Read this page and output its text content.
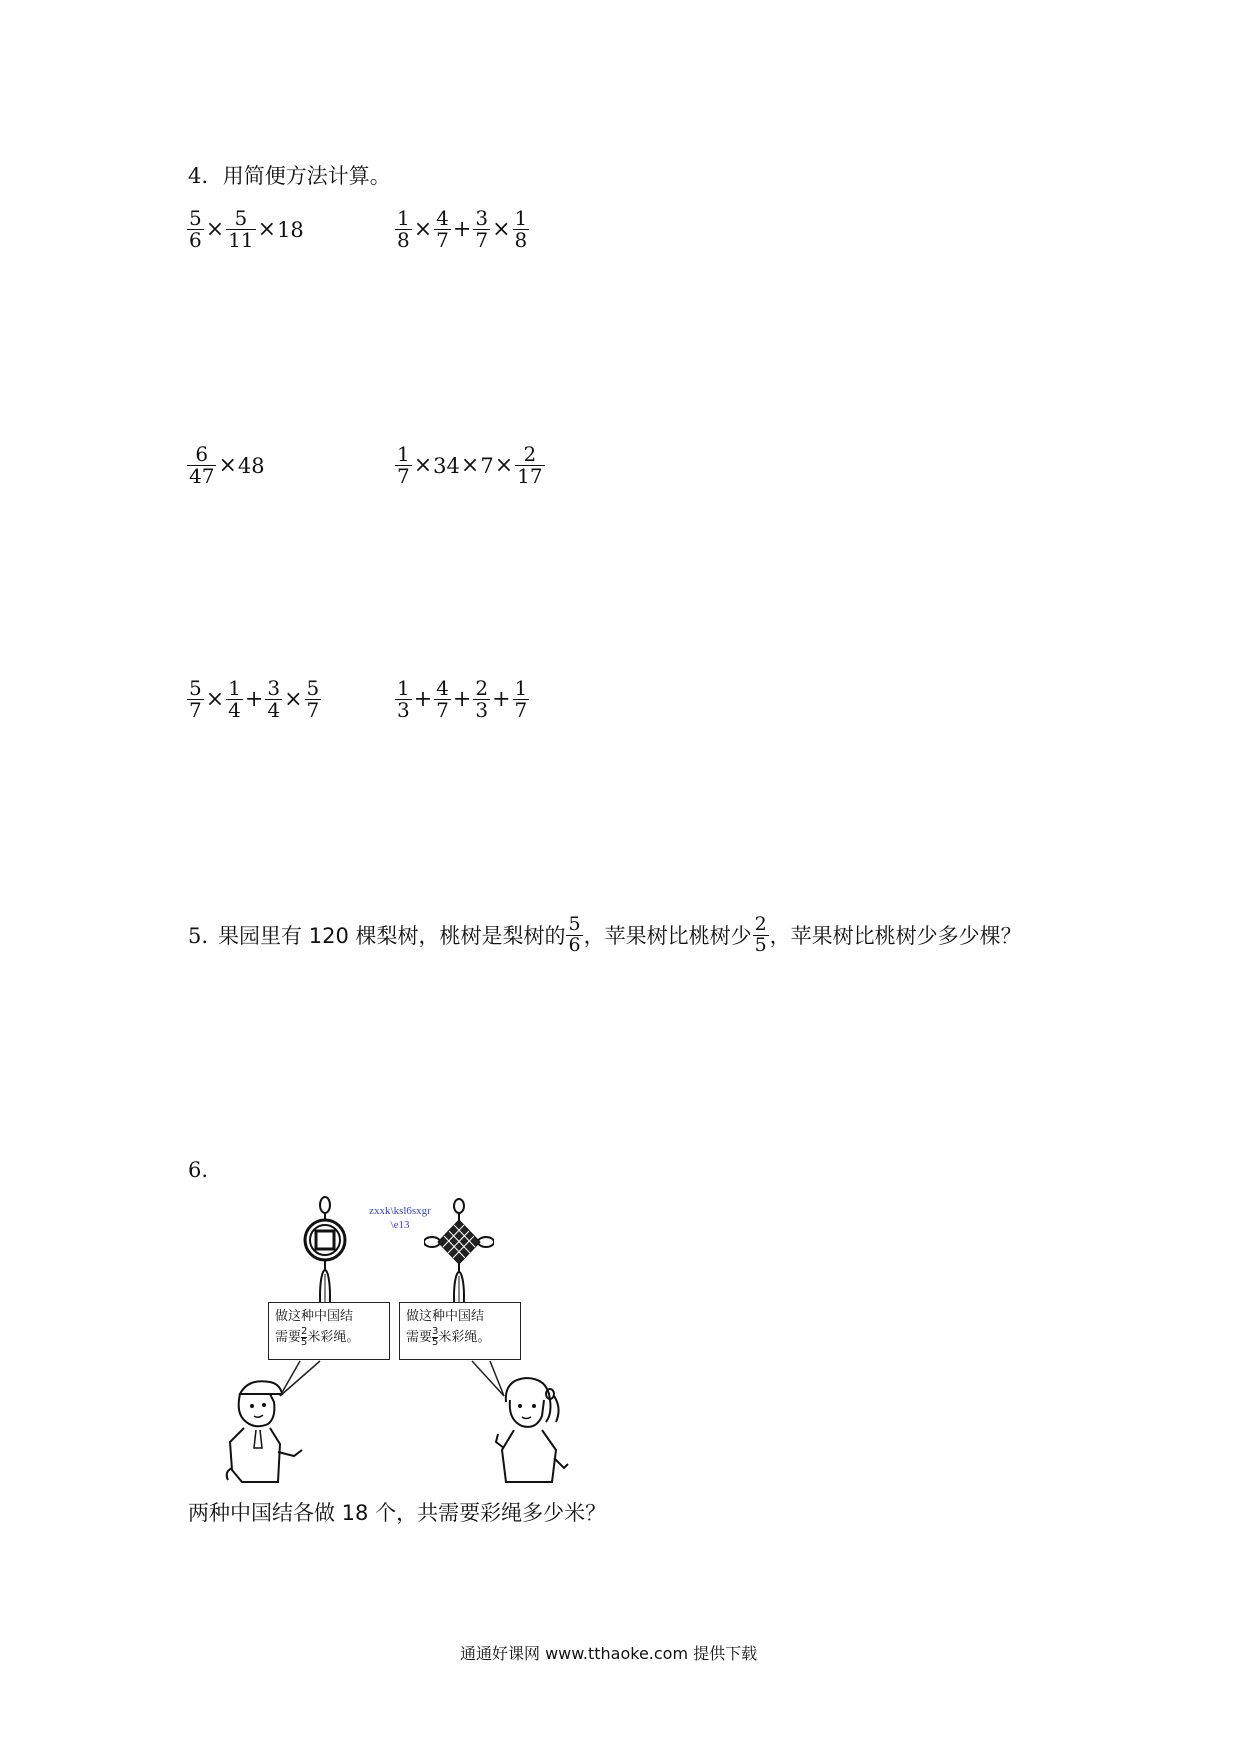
4. 用简便方法计算。
$\frac{5}{6} \times \frac{5}{11} \times 18$	$\frac{1}{8} \times \frac{4}{7} + \frac{3}{7} \times \frac{1}{8}$
$\frac{6}{47} \times 48$	$\frac{1}{7} \times 34 \times 7 \times \frac{2}{17}$
$\frac{5}{7} \times \frac{1}{4} + \frac{3}{4} \times \frac{5}{7}$	$\frac{1}{3} + \frac{4}{7} + \frac{2}{3} + \frac{1}{7}$
5. 果园里有 120 棵梨树，桃树是梨树的 $\frac{5}{6}$ ，苹果树比桃树少 $\frac{2}{5}$ ，苹果树比桃树少多少棵？
6.
zxxk\ksl6sxgr
\e13
做这种中国结
需要 $\frac{2}{5}$ 米彩绳。
做这种中国结
需要 $\frac{3}{5}$ 米彩绳。
两种中国结各做 18 个，共需要彩绳多少米？
通通好课网 www.tthaoke.com 提供下载
